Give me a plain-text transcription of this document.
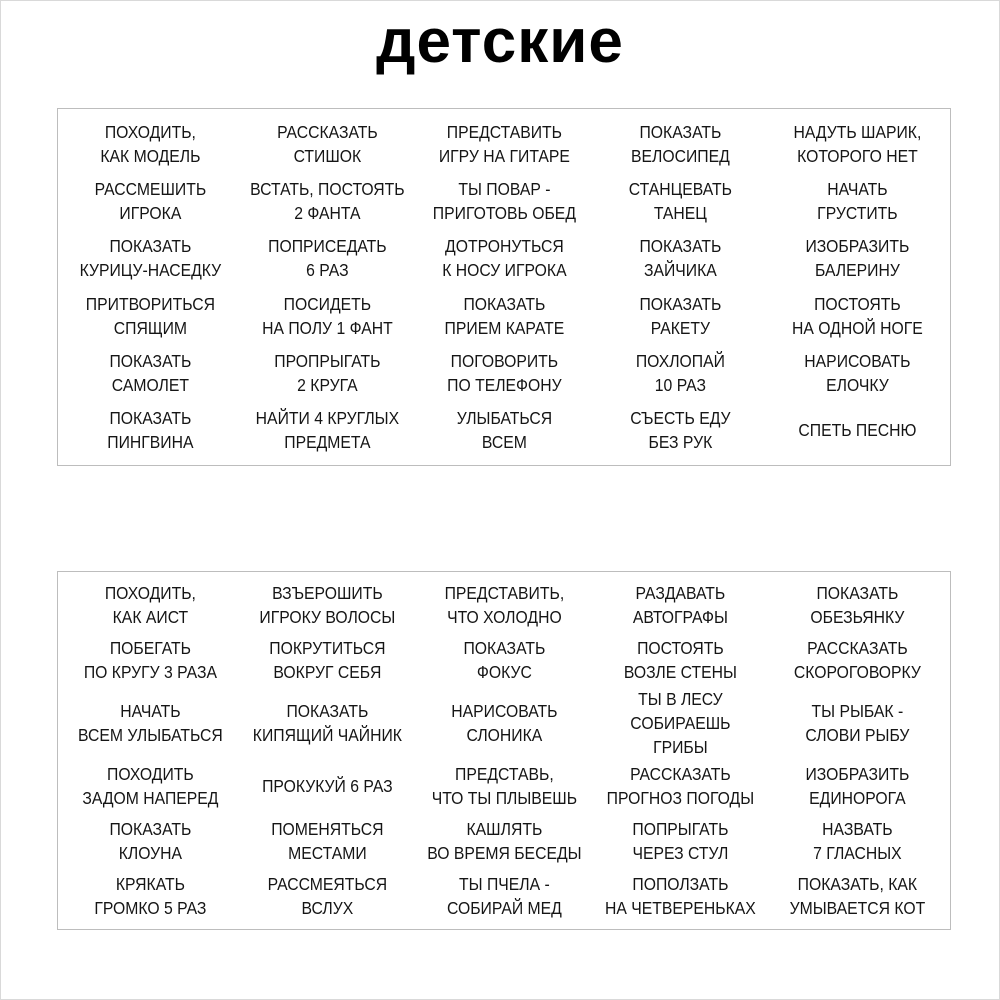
детские
ПОХОДИТЬ,
КАК МОДЕЛЬ
РАССКАЗАТЬ
СТИШОК
ПРЕДСТАВИТЬ
ИГРУ НА ГИТАРЕ
ПОКАЗАТЬ
ВЕЛОСИПЕД
НАДУТЬ ШАРИК,
КОТОРОГО НЕТ
РАССМЕШИТЬ
ИГРОКА
ВСТАТЬ, ПОСТОЯТЬ
2 ФАНТА
ТЫ ПОВАР -
ПРИГОТОВЬ ОБЕД
СТАНЦЕВАТЬ
ТАНЕЦ
НАЧАТЬ
ГРУСТИТЬ
ПОКАЗАТЬ
КУРИЦУ-НАСЕДКУ
ПОПРИСЕДАТЬ
6 РАЗ
ДОТРОНУТЬСЯ
К НОСУ ИГРОКА
ПОКАЗАТЬ
ЗАЙЧИКА
ИЗОБРАЗИТЬ
БАЛЕРИНУ
ПРИТВОРИТЬСЯ
СПЯЩИМ
ПОСИДЕТЬ
НА ПОЛУ 1 ФАНТ
ПОКАЗАТЬ
ПРИЕМ КАРАТЕ
ПОКАЗАТЬ
РАКЕТУ
ПОСТОЯТЬ
НА ОДНОЙ НОГЕ
ПОКАЗАТЬ
САМОЛЕТ
ПРОПРЫГАТЬ
2 КРУГА
ПОГОВОРИТЬ
ПО ТЕЛЕФОНУ
ПОХЛОПАЙ
10 РАЗ
НАРИСОВАТЬ
ЕЛОЧКУ
ПОКАЗАТЬ
ПИНГВИНА
НАЙТИ 4 КРУГЛЫХ
ПРЕДМЕТА
УЛЫБАТЬСЯ
ВСЕМ
СЪЕСТЬ ЕДУ
БЕЗ РУК
СПЕТЬ ПЕСНЮ
ПОХОДИТЬ,
КАК АИСТ
ВЗЪЕРОШИТЬ
ИГРОКУ ВОЛОСЫ
ПРЕДСТАВИТЬ,
ЧТО ХОЛОДНО
РАЗДАВАТЬ
АВТОГРАФЫ
ПОКАЗАТЬ
ОБЕЗЬЯНКУ
ПОБЕГАТЬ
ПО КРУГУ 3 РАЗА
ПОКРУТИТЬСЯ
ВОКРУГ СЕБЯ
ПОКАЗАТЬ
ФОКУС
ПОСТОЯТЬ
ВОЗЛЕ СТЕНЫ
РАССКАЗАТЬ
СКОРОГОВОРКУ
НАЧАТЬ
ВСЕМ УЛЫБАТЬСЯ
ПОКАЗАТЬ
КИПЯЩИЙ ЧАЙНИК
НАРИСОВАТЬ
СЛОНИКА
ТЫ В ЛЕСУ
СОБИРАЕШЬ ГРИБЫ
ТЫ РЫБАК -
СЛОВИ РЫБУ
ПОХОДИТЬ
ЗАДОМ НАПЕРЕД
ПРОКУКУЙ 6 РАЗ
ПРЕДСТАВЬ,
ЧТО ТЫ ПЛЫВЕШЬ
РАССКАЗАТЬ
ПРОГНОЗ ПОГОДЫ
ИЗОБРАЗИТЬ
ЕДИНОРОГА
ПОКАЗАТЬ
КЛОУНА
ПОМЕНЯТЬСЯ
МЕСТАМИ
КАШЛЯТЬ
ВО ВРЕМЯ БЕСЕДЫ
ПОПРЫГАТЬ
ЧЕРЕЗ СТУЛ
НАЗВАТЬ
7 ГЛАСНЫХ
КРЯКАТЬ
ГРОМКО 5 РАЗ
РАССМЕЯТЬСЯ
ВСЛУХ
ТЫ ПЧЕЛА -
СОБИРАЙ МЕД
ПОПОЛЗАТЬ
НА ЧЕТВЕРЕНЬКАХ
ПОКАЗАТЬ, КАК
УМЫВАЕТСЯ КОТ
